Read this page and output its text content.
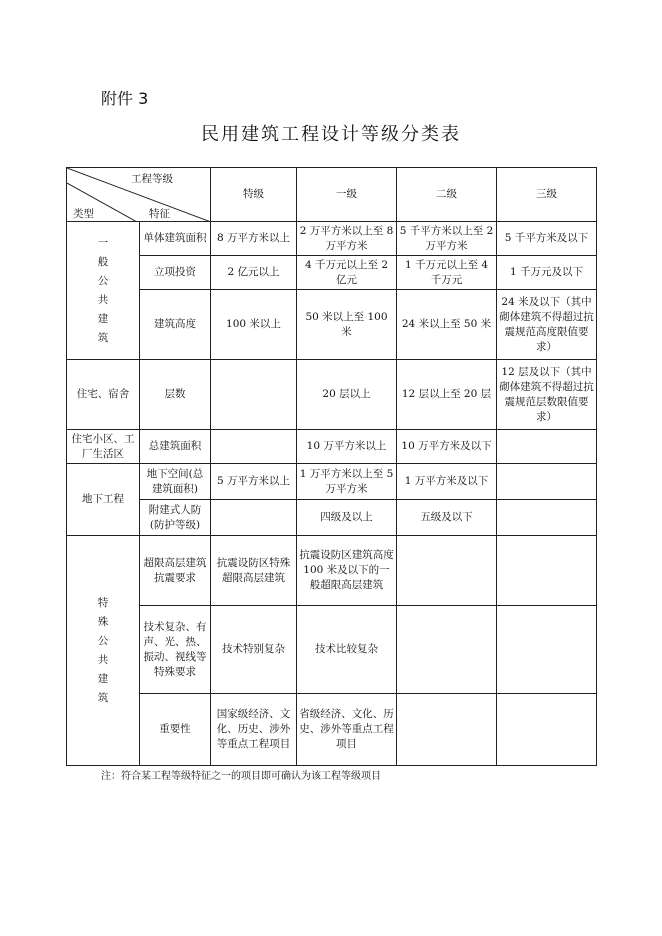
附件 3
民用建筑工程设计等级分类表
工程等级
特征
类型		特级	一级	二级	三级
一般公共建筑	单体建筑面积	8 万平方米以上	2 万平方米以上至 8 万平方米	5 千平方米以上至 2 万平方米	5 千平方米及以下
	立项投资	2 亿元以上	4 千万元以上至 2 亿元	1 千万元以上至 4 千万元	1 千万元及以下
	建筑高度	100 米以上	50 米以上至 100 米	24 米以上至 50 米	24 米及以下（其中砌体建筑不得超过抗震规范高度限值要求）
住宅、宿舍	层数		20 层以上	12 层以上至 20 层	12 层及以下（其中砌体建筑不得超过抗震规范层数限值要求）
住宅小区、工厂生活区	总建筑面积		10 万平方米以上	10 万平方米及以下	
地下工程	地下空间(总建筑面积)	5 万平方米以上	1 万平方米以上至 5 万平方米	1 万平方米及以下	
	附建式人防(防护等级)		四级及以上	五级及以下	
特殊公共建筑	超限高层建筑抗震要求	抗震设防区特殊超限高层建筑	抗震设防区建筑高度 100 米及以下的一般超限高层建筑		
	技术复杂、有声、光、热、振动、视线等特殊要求	技术特别复杂	技术比较复杂		
	重要性	国家级经济、文化、历史、涉外等重点工程项目	省级经济、文化、历史、涉外等重点工程项目		
注：符合某工程等级特征之一的项目即可确认为该工程等级项目
